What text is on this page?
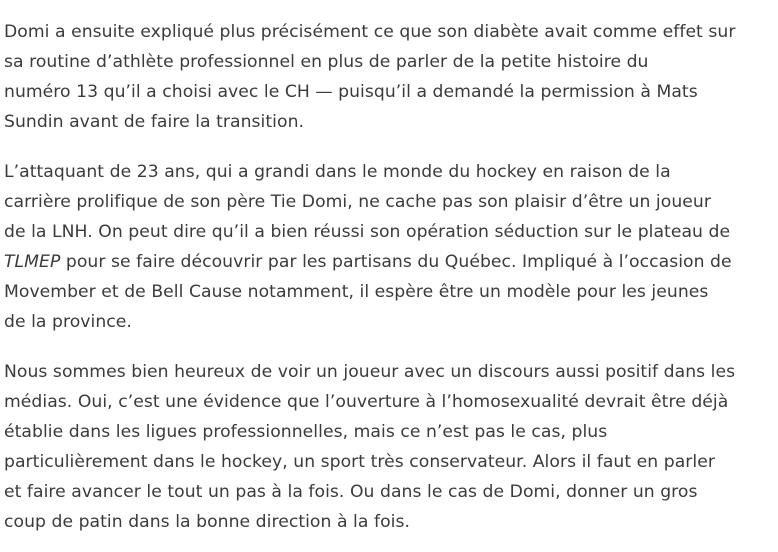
Domi a ensuite expliqué plus précisément ce que son diabète avait comme effet sur
sa routine d’athlète professionnel en plus de parler de la petite histoire du
numéro 13 qu’il a choisi avec le CH — puisqu’il a demandé la permission à Mats
Sundin avant de faire la transition.

L’attaquant de 23 ans, qui a grandi dans le monde du hockey en raison de la
carrière prolifique de son père Tie Domi, ne cache pas son plaisir d’être un joueur
de la LNH. On peut dire qu’il a bien réussi son opération séduction sur le plateau de
TLMEP pour se faire découvrir par les partisans du Québec. Impliqué à l’occasion de
Movember et de Bell Cause notamment, il espère être un modèle pour les jeunes
de la province.

Nous sommes bien heureux de voir un joueur avec un discours aussi positif dans les
médias. Oui, c’est une évidence que l’ouverture à l’homosexualité devrait être déjà
établie dans les ligues professionnelles, mais ce n’est pas le cas, plus
particulièrement dans le hockey, un sport très conservateur. Alors il faut en parler
et faire avancer le tout un pas à la fois. Ou dans le cas de Domi, donner un gros
coup de patin dans la bonne direction à la fois.
